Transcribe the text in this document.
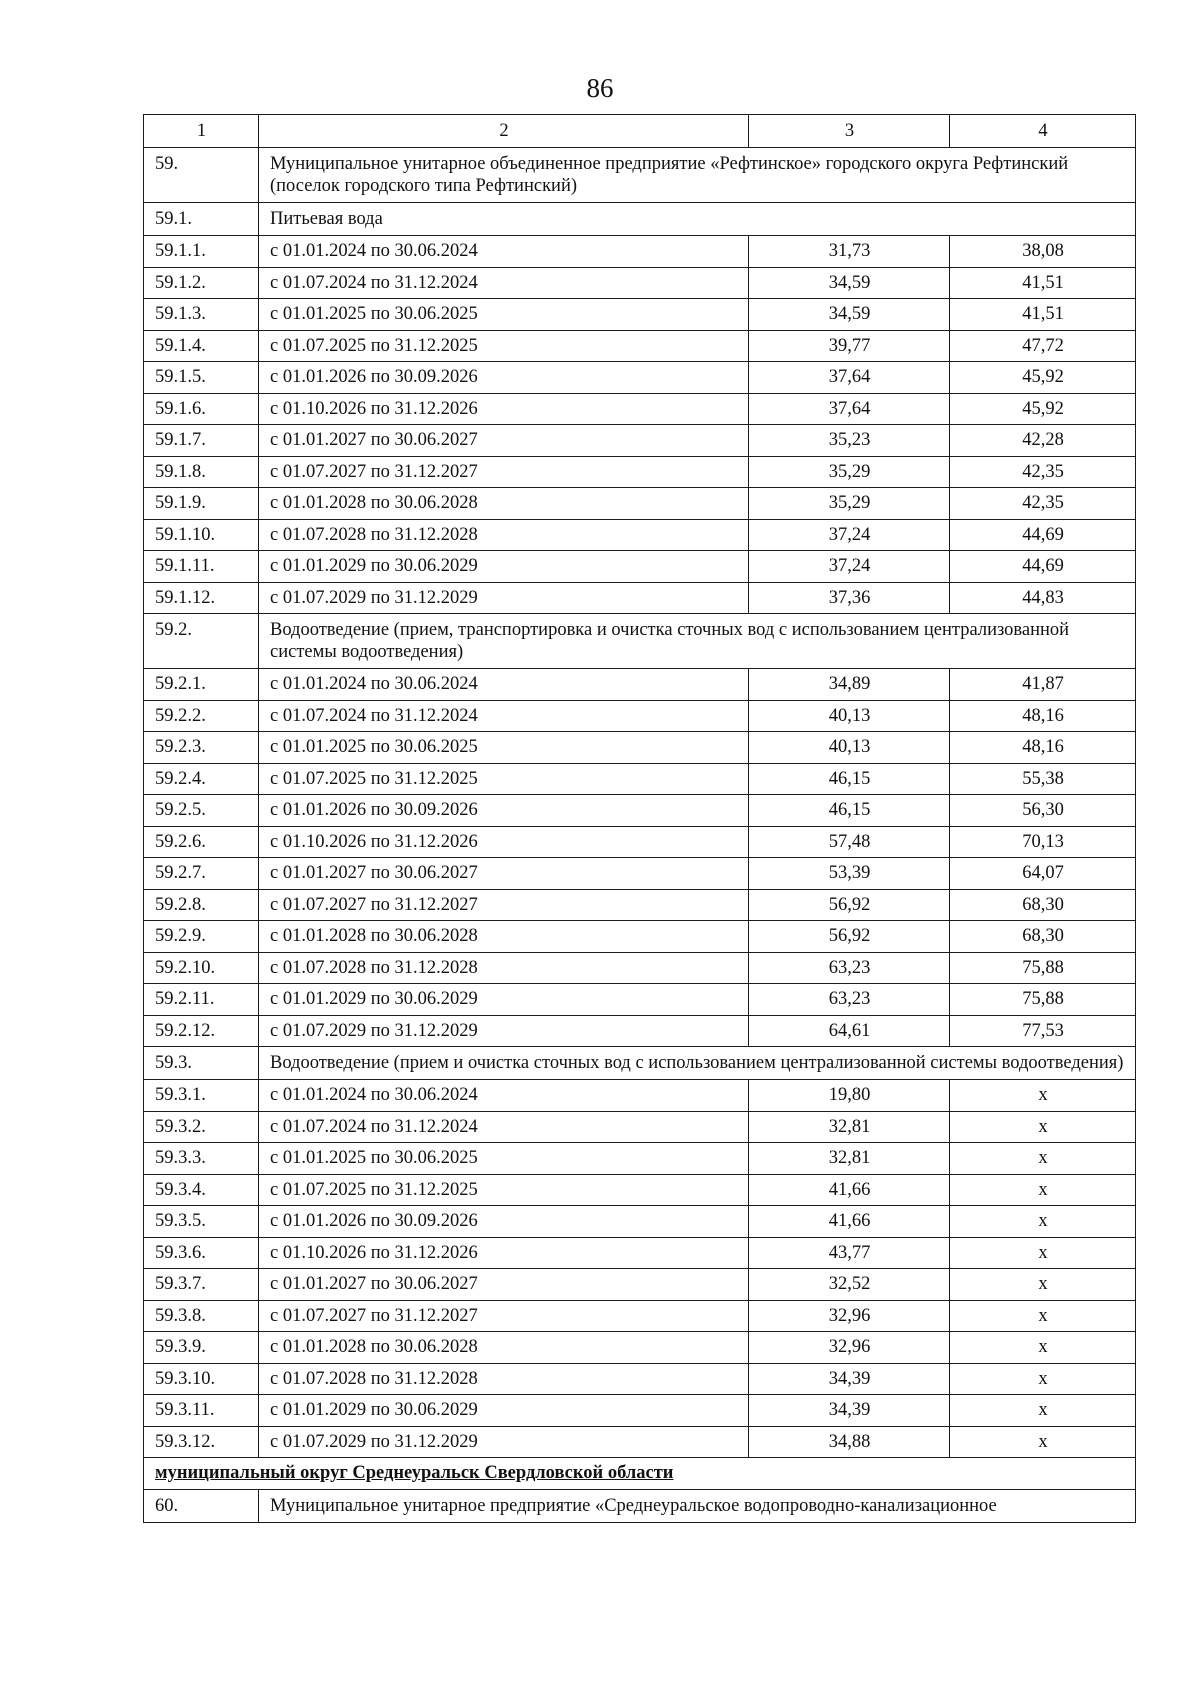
86
1	2	3	4
59.	Муниципальное унитарное объединенное предприятие «Рефтинское» городского округа Рефтинский (поселок городского типа Рефтинский)		
59.1.	Питьевая вода		
59.1.1.	с 01.01.2024 по 30.06.2024	31,73	38,08
59.1.2.	с 01.07.2024 по 31.12.2024	34,59	41,51
59.1.3.	с 01.01.2025 по 30.06.2025	34,59	41,51
59.1.4.	с 01.07.2025 по 31.12.2025	39,77	47,72
59.1.5.	с 01.01.2026 по 30.09.2026	37,64	45,92
59.1.6.	с 01.10.2026 по 31.12.2026	37,64	45,92
59.1.7.	с 01.01.2027 по 30.06.2027	35,23	42,28
59.1.8.	с 01.07.2027 по 31.12.2027	35,29	42,35
59.1.9.	с 01.01.2028 по 30.06.2028	35,29	42,35
59.1.10.	с 01.07.2028 по 31.12.2028	37,24	44,69
59.1.11.	с 01.01.2029 по 30.06.2029	37,24	44,69
59.1.12.	с 01.07.2029 по 31.12.2029	37,36	44,83
59.2.	Водоотведение (прием, транспортировка и очистка сточных вод с использованием централизованной системы водоотведения)		
59.2.1.	с 01.01.2024 по 30.06.2024	34,89	41,87
59.2.2.	с 01.07.2024 по 31.12.2024	40,13	48,16
59.2.3.	с 01.01.2025 по 30.06.2025	40,13	48,16
59.2.4.	с 01.07.2025 по 31.12.2025	46,15	55,38
59.2.5.	с 01.01.2026 по 30.09.2026	46,15	56,30
59.2.6.	с 01.10.2026 по 31.12.2026	57,48	70,13
59.2.7.	с 01.01.2027 по 30.06.2027	53,39	64,07
59.2.8.	с 01.07.2027 по 31.12.2027	56,92	68,30
59.2.9.	с 01.01.2028 по 30.06.2028	56,92	68,30
59.2.10.	с 01.07.2028 по 31.12.2028	63,23	75,88
59.2.11.	с 01.01.2029 по 30.06.2029	63,23	75,88
59.2.12.	с 01.07.2029 по 31.12.2029	64,61	77,53
59.3.	Водоотведение (прием и очистка сточных вод с использованием централизованной системы водоотведения)		
59.3.1.	с 01.01.2024 по 30.06.2024	19,80	х
59.3.2.	с 01.07.2024 по 31.12.2024	32,81	х
59.3.3.	с 01.01.2025 по 30.06.2025	32,81	х
59.3.4.	с 01.07.2025 по 31.12.2025	41,66	х
59.3.5.	с 01.01.2026 по 30.09.2026	41,66	х
59.3.6.	с 01.10.2026 по 31.12.2026	43,77	х
59.3.7.	с 01.01.2027 по 30.06.2027	32,52	х
59.3.8.	с 01.07.2027 по 31.12.2027	32,96	х
59.3.9.	с 01.01.2028 по 30.06.2028	32,96	х
59.3.10.	с 01.07.2028 по 31.12.2028	34,39	х
59.3.11.	с 01.01.2029 по 30.06.2029	34,39	х
59.3.12.	с 01.07.2029 по 31.12.2029	34,88	х
муниципальный округ Среднеуральск Свердловской области			
60.	Муниципальное унитарное предприятие «Среднеуральское водопроводно-канализационное		
